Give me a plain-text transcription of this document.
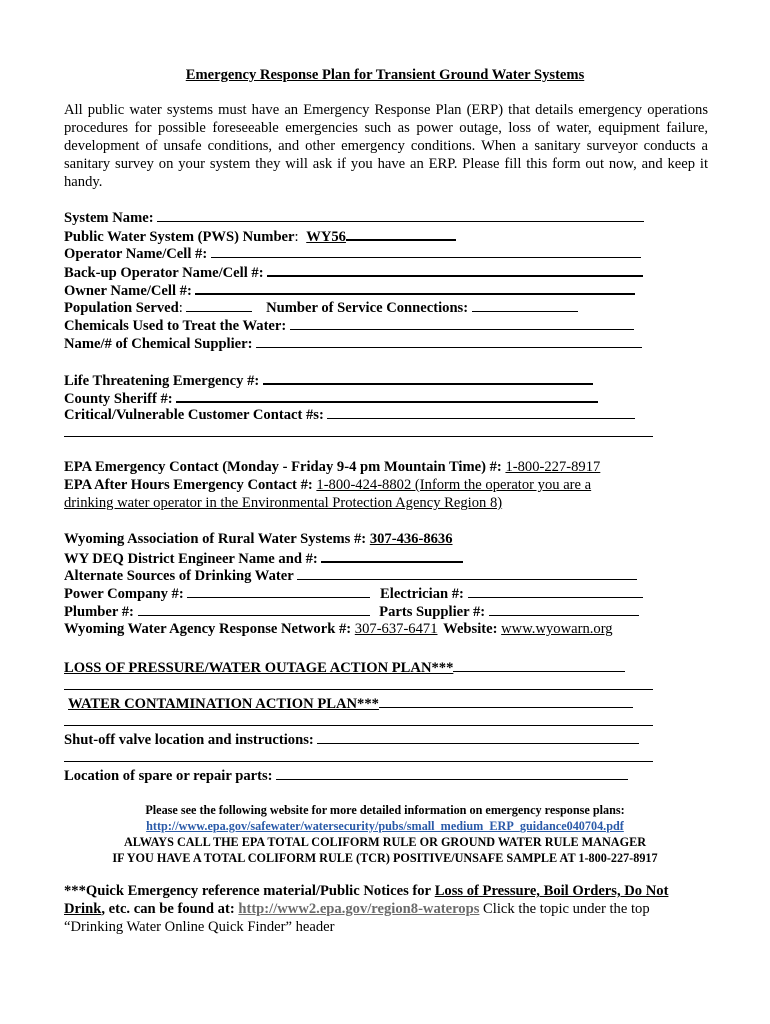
Emergency Response Plan for Transient Ground Water Systems
All public water systems must have an Emergency Response Plan (ERP) that details emergency operations procedures for possible foreseeable emergencies such as power outage, loss of water, equipment failure, development of unsafe conditions, and other emergency conditions. When a sanitary surveyor conducts a sanitary survey on your system they will ask if you have an ERP. Please fill this form out now, and keep it handy.
System Name:
Public Water System (PWS) Number: WY56
Operator Name/Cell #:
Back-up Operator Name/Cell #:
Owner Name/Cell #:
Population Served:	Number of Service Connections:
Chemicals Used to Treat the Water:
Name/# of Chemical Supplier:
Life Threatening Emergency #:
County Sheriff #:
Critical/Vulnerable Customer Contact #s:
EPA Emergency Contact (Monday - Friday 9-4 pm Mountain Time) #: 1-800-227-8917
EPA After Hours Emergency Contact #: 1-800-424-8802 (Inform the operator you are a
drinking water operator in the Environmental Protection Agency Region 8)
Wyoming Association of Rural Water Systems #: 307-436-8636
WY DEQ District Engineer Name and #:
Alternate Sources of Drinking Water
Power Company #:	Electrician #:
Plumber #:	Parts Supplier #:
Wyoming Water Agency Response Network #: 307-637-6471 Website: www.wyowarn.org
LOSS OF PRESSURE/WATER OUTAGE ACTION PLAN***
WATER CONTAMINATION ACTION PLAN***
Shut-off valve location and instructions:
Location of spare or repair parts:
Please see the following website for more detailed information on emergency response plans:
http://www.epa.gov/safewater/watersecurity/pubs/small_medium_ERP_guidance040704.pdf
ALWAYS CALL THE EPA TOTAL COLIFORM RULE OR GROUND WATER RULE MANAGER
IF YOU HAVE A TOTAL COLIFORM RULE (TCR) POSITIVE/UNSAFE SAMPLE AT 1-800-227-8917
***Quick Emergency reference material/Public Notices for Loss of Pressure, Boil Orders, Do Not Drink, etc. can be found at: http://www2.epa.gov/region8-waterops Click the topic under the top “Drinking Water Online Quick Finder” header
